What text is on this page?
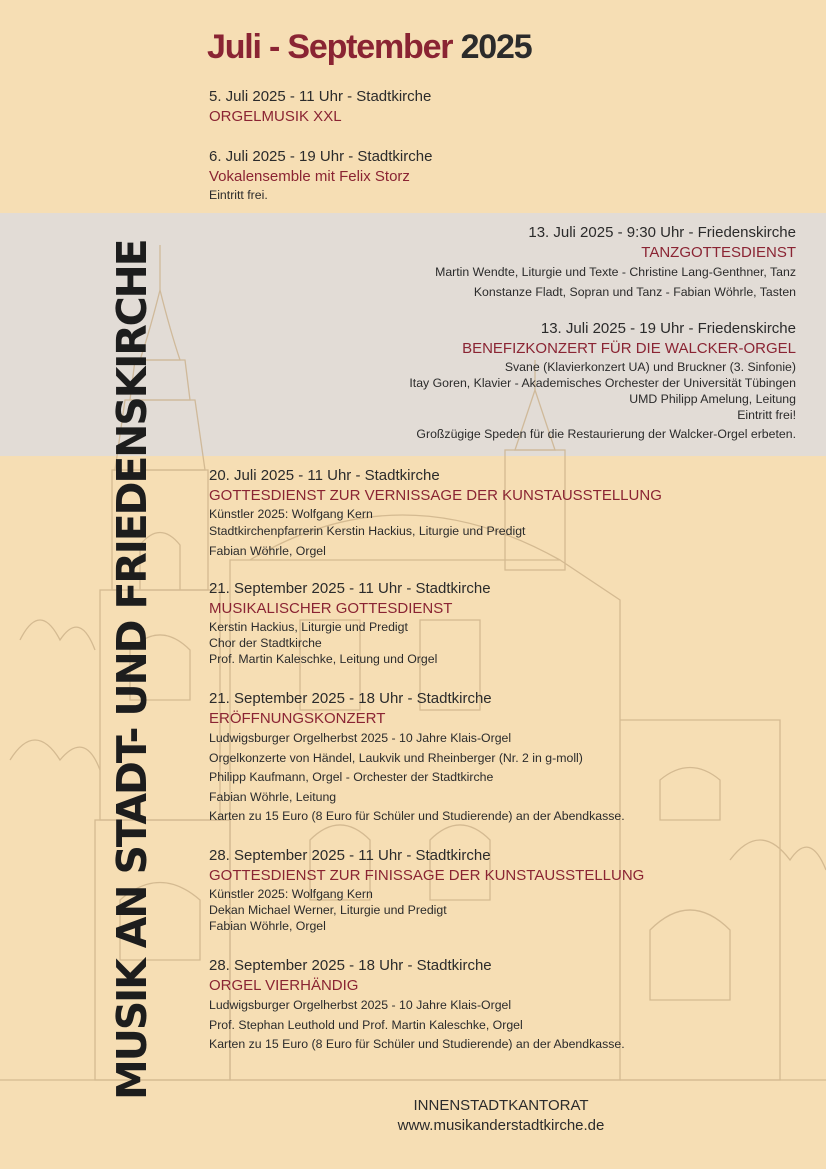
MUSIK AN STADT- UND FRIEDENSKIRCHE
Juli - September 2025
5. Juli 2025 - 11 Uhr - Stadtkirche
ORGELMUSIK XXL
6. Juli 2025 - 19 Uhr - Stadtkirche
Vokalensemble mit Felix Storz
Eintritt frei.
13. Juli 2025 - 9:30 Uhr - Friedenskirche
TANZGOTTESDIENST
Martin Wendte, Liturgie und Texte - Christine Lang-Genthner, Tanz
Konstanze Fladt, Sopran und Tanz - Fabian Wöhrle, Tasten
13. Juli 2025 - 19 Uhr - Friedenskirche
BENEFIZKONZERT FÜR DIE WALCKER-ORGEL
Svane (Klavierkonzert UA) und Bruckner (3. Sinfonie)
Itay Goren, Klavier - Akademisches Orchester der Universität Tübingen
UMD Philipp Amelung, Leitung
Eintritt frei!
Großzügige Speden für die Restaurierung der Walcker-Orgel erbeten.
20. Juli 2025 - 11 Uhr - Stadtkirche
GOTTESDIENST ZUR VERNISSAGE DER KUNSTAUSSTELLUNG
Künstler 2025: Wolfgang Kern
Stadtkirchenpfarrerin Kerstin Hackius, Liturgie und Predigt
Fabian Wöhrle, Orgel
21. September 2025 - 11 Uhr - Stadtkirche
MUSIKALISCHER GOTTESDIENST
Kerstin Hackius, Liturgie und Predigt
Chor der Stadtkirche
Prof. Martin Kaleschke, Leitung und Orgel
21. September 2025 - 18 Uhr - Stadtkirche
ERÖFFNUNGSKONZERT
Ludwigsburger Orgelherbst 2025 - 10 Jahre Klais-Orgel
Orgelkonzerte von Händel, Laukvik und Rheinberger (Nr. 2 in g-moll)
Philipp Kaufmann, Orgel - Orchester der Stadtkirche
Fabian Wöhrle, Leitung
Karten zu 15 Euro (8 Euro für Schüler und Studierende) an der Abendkasse.
28. September 2025 - 11 Uhr - Stadtkirche
GOTTESDIENST ZUR FINISSAGE DER KUNSTAUSSTELLUNG
Künstler 2025: Wolfgang Kern
Dekan Michael Werner, Liturgie und Predigt
Fabian Wöhrle, Orgel
28. September 2025 - 18 Uhr - Stadtkirche
ORGEL VIERHÄNDIG
Ludwigsburger Orgelherbst 2025 - 10 Jahre Klais-Orgel
Prof. Stephan Leuthold und Prof. Martin Kaleschke, Orgel
Karten zu 15 Euro (8 Euro für Schüler und Studierende) an der Abendkasse.
INNENSTADTKANTORAT
www.musikanderstadtkirche.de
